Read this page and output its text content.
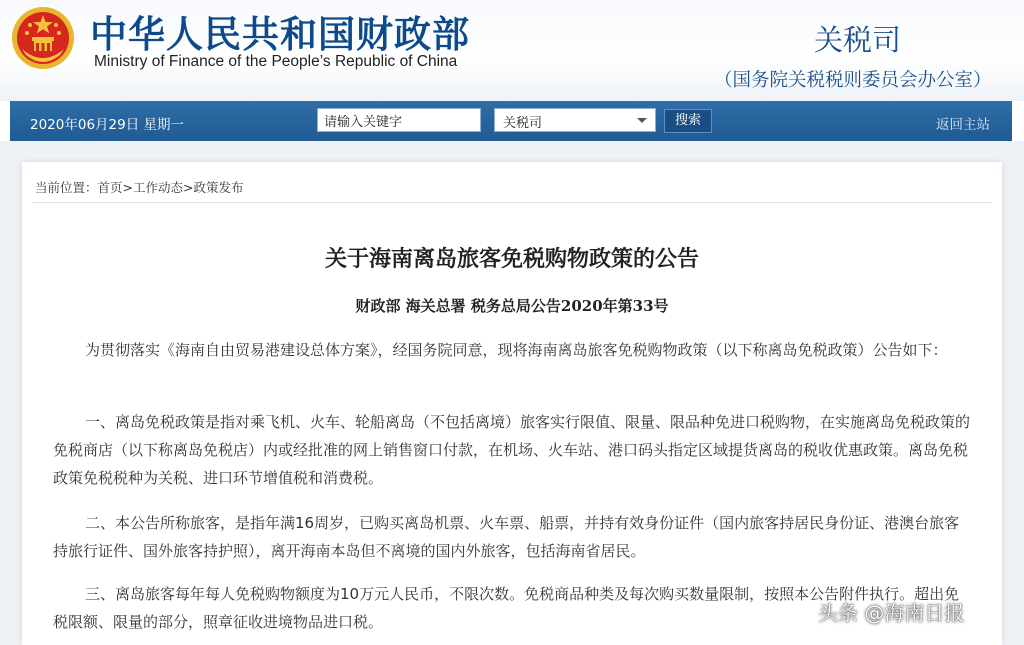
中华人民共和国财政部
Ministry of Finance of the People’s Republic of China
关税司
（国务院关税税则委员会办公室）
2020年06月29日 星期一
请输入关键字	关税司	搜索	返回主站
当前位置：首页>工作动态>政策发布
关于海南离岛旅客免税购物政策的公告
财政部 海关总署 税务总局公告2020年第33号

为贯彻落实《海南自由贸易港建设总体方案》，经国务院同意，现将海南离岛旅客免税购物政策（以下称离岛免税政策）公告如下：

一、离岛免税政策是指对乘飞机、火车、轮船离岛（不包括离境）旅客实行限值、限量、限品种免进口税购物，在实施离岛免税政策的免税商店（以下称离岛免税店）内或经批准的网上销售窗口付款，在机场、火车站、港口码头指定区域提货离岛的税收优惠政策。离岛免税政策免税税种为关税、进口环节增值税和消费税。

二、本公告所称旅客，是指年满16周岁，已购买离岛机票、火车票、船票，并持有效身份证件（国内旅客持居民身份证、港澳台旅客持旅行证件、国外旅客持护照），离开海南本岛但不离境的国内外旅客，包括海南省居民。

三、离岛旅客每年每人免税购物额度为10万元人民币，不限次数。免税商品种类及每次购买数量限制，按照本公告附件执行。超出免税限额、限量的部分，照章征收进境物品进口税。	头条 @海南日报
